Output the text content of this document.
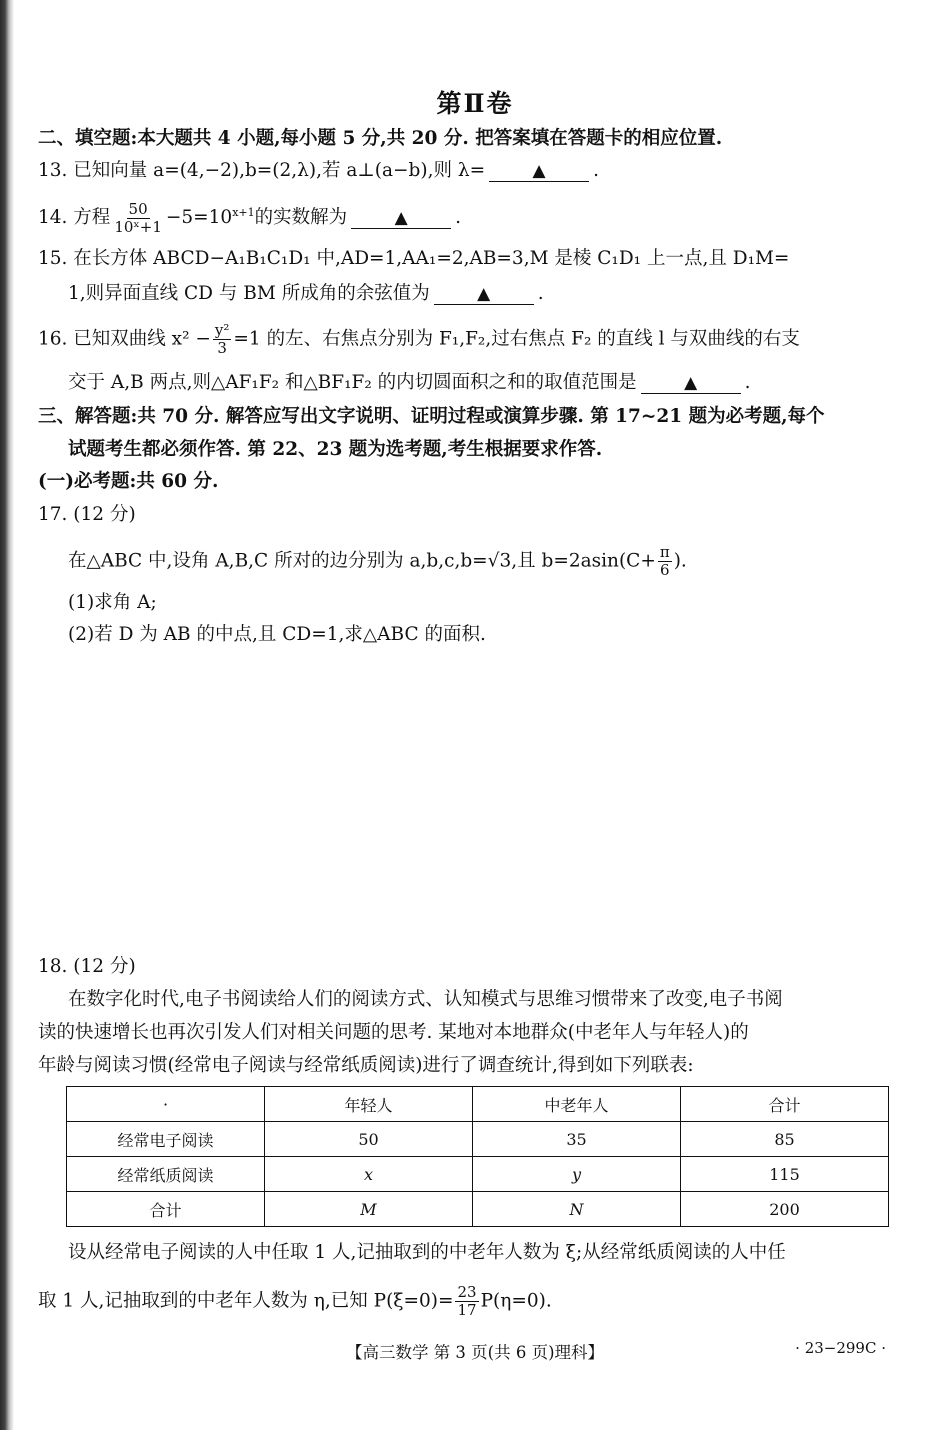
第Ⅱ卷
二、填空题:本大题共 4 小题,每小题 5 分,共 20 分. 把答案填在答题卡的相应位置.
13. 已知向量 a=(4,−2),b=(2,λ),若 a⊥(a−b),则 λ=	▲	.
14. 方程 $\frac{50}{\text{10ˣ+1}} -5=10^{x+1}$的实数解为	▲	.
15. 在长方体 ABCD−A₁B₁C₁D₁ 中,AD=1,AA₁=2,AB=3,M 是棱 C₁D₁ 上一点,且 D₁M=
1,则异面直线 CD 与 BM 所成角的余弦值为	▲	.
16. 已知双曲线 $x^2 - \frac{\text{y²}}{3} =1$ 的左、右焦点分别为 F₁,F₂,过右焦点 F₂ 的直线 l 与双曲线的右支
交于 A,B 两点,则△AF₁F₂ 和△BF₁F₂ 的内切圆面积之和的取值范围是	▲	.
三、解答题:共 70 分. 解答应写出文字说明、证明过程或演算步骤. 第 17~21 题为必考题,每个
试题考生都必须作答. 第 22、23 题为选考题,考生根据要求作答.
(一)必考题:共 60 分.
17. (12 分)
在△ABC 中,设角 A,B,C 所对的边分别为 a,b,c,b=√3,且 $b=2asin(C+ \frac{\pi}{6}$ ).
(1)求角 A;
(2)若 D 为 AB 的中点,且 CD=1,求△ABC 的面积.
18. (12 分)
在数字化时代,电子书阅读给人们的阅读方式、认知模式与思维习惯带来了改变,电子书阅
读的快速增长也再次引发人们对相关问题的思考. 某地对本地群众(中老年人与年轻人)的
年龄与阅读习惯(经常电子阅读与经常纸质阅读)进行了调查统计,得到如下列联表:
·	年轻人	中老年人	合计
经常电子阅读	50	35	85
经常纸质阅读	x	y	115
合计	M	N	200
设从经常电子阅读的人中任取 1 人,记抽取到的中老年人数为 ξ;从经常纸质阅读的人中任
取 1 人,记抽取到的中老年人数为 η,已知 $P(\xi=0)= \frac{23}{17} P(\eta=0)$.
【高三数学 第 3 页(共 6 页)理科】	· 23−299C ·
